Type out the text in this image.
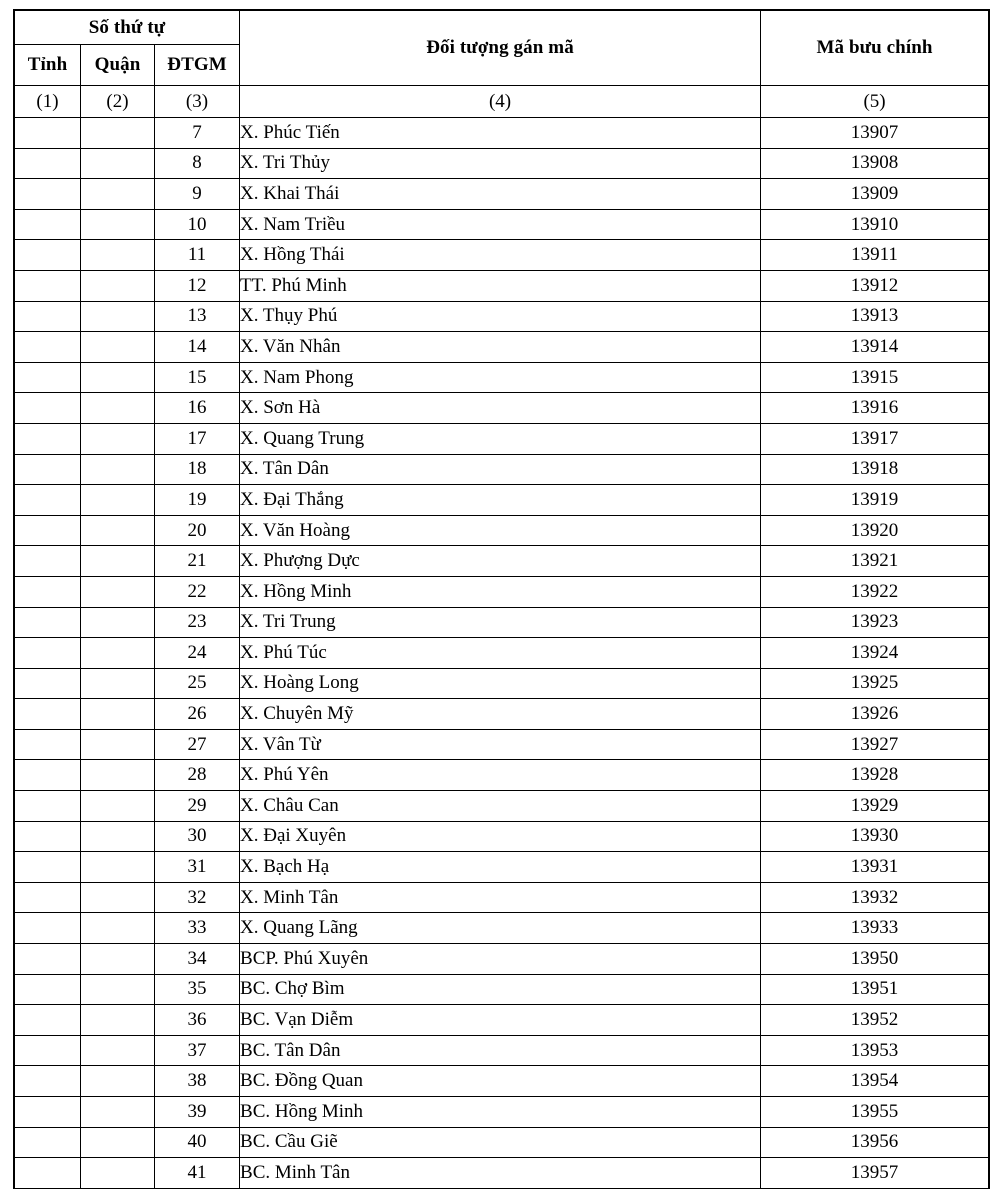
Số thứ tự			Đối tượng gán mã	Mã bưu chính
Tỉnh	Quận	ĐTGM		
(1)	(2)	(3)	(4)	(5)
		7	X. Phúc Tiến	13907
		8	X. Tri Thủy	13908
		9	X. Khai Thái	13909
		10	X. Nam Triều	13910
		11	X. Hồng Thái	13911
		12	TT. Phú Minh	13912
		13	X. Thụy Phú	13913
		14	X. Văn Nhân	13914
		15	X. Nam Phong	13915
		16	X. Sơn Hà	13916
		17	X. Quang Trung	13917
		18	X. Tân Dân	13918
		19	X. Đại Thắng	13919
		20	X. Văn Hoàng	13920
		21	X. Phượng Dực	13921
		22	X. Hồng Minh	13922
		23	X. Tri Trung	13923
		24	X. Phú Túc	13924
		25	X. Hoàng Long	13925
		26	X. Chuyên Mỹ	13926
		27	X. Vân Từ	13927
		28	X. Phú Yên	13928
		29	X. Châu Can	13929
		30	X. Đại Xuyên	13930
		31	X. Bạch Hạ	13931
		32	X. Minh Tân	13932
		33	X. Quang Lãng	13933
		34	BCP. Phú Xuyên	13950
		35	BC. Chợ Bìm	13951
		36	BC. Vạn Diễm	13952
		37	BC. Tân Dân	13953
		38	BC. Đồng Quan	13954
		39	BC. Hồng Minh	13955
		40	BC. Cầu Giẽ	13956
		41	BC. Minh Tân	13957
